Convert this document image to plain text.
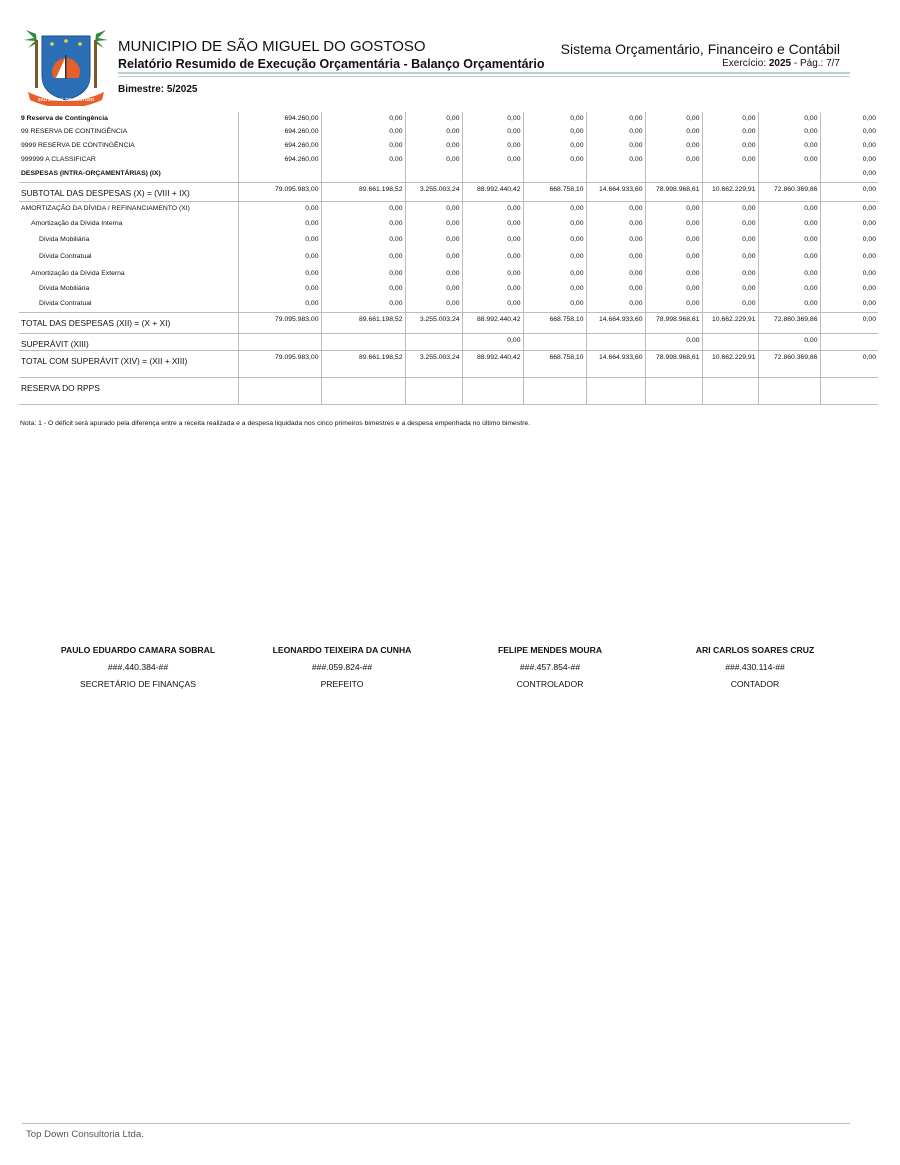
SÃO MIGUEL DO GOSTOSO
MUNICIPIO DE SÃO MIGUEL DO GOSTOSO
Relatório Resumido de Execução Orçamentária - Balanço Orçamentário
Sistema Orçamentário, Financeiro e Contábil
Exercício: 2025 - Pág.: 7/7
Bimestre: 5/2025
9 Reserva de Contingência	694.260,00	0,00	0,00	0,00	0,00	0,00	0,00	0,00	0,00	0,00
99 RESERVA DE CONTINGÊNCIA	694.260,00	0,00	0,00	0,00	0,00	0,00	0,00	0,00	0,00	0,00
9999 RESERVA DE CONTINGÊNCIA	694.260,00	0,00	0,00	0,00	0,00	0,00	0,00	0,00	0,00	0,00
999999 A CLASSIFICAR	694.260,00	0,00	0,00	0,00	0,00	0,00	0,00	0,00	0,00	0,00
DESPESAS (INTRA-ORÇAMENTÁRIAS) (IX)										0,00
SUBTOTAL DAS DESPESAS (X) = (VIII + IX)	79.095.983,00	89.661.198,52	3.255.003,24	88.992.440,42	668.758,10	14.664.933,60	78.998.968,61	10.662.229,91	72.860.369,86	0,00
AMORTIZAÇÃO DA DÍVIDA / REFINANCIAMENTO (XI)	0,00	0,00	0,00	0,00	0,00	0,00	0,00	0,00	0,00	0,00
Amortização da Dívida Interna	0,00	0,00	0,00	0,00	0,00	0,00	0,00	0,00	0,00	0,00
Dívida Mobiliária	0,00	0,00	0,00	0,00	0,00	0,00	0,00	0,00	0,00	0,00
Dívida Contratual	0,00	0,00	0,00	0,00	0,00	0,00	0,00	0,00	0,00	0,00
Amortização da Dívida Externa	0,00	0,00	0,00	0,00	0,00	0,00	0,00	0,00	0,00	0,00
Dívida Mobiliária	0,00	0,00	0,00	0,00	0,00	0,00	0,00	0,00	0,00	0,00
Dívida Contratual	0,00	0,00	0,00	0,00	0,00	0,00	0,00	0,00	0,00	0,00
TOTAL DAS DESPESAS (XII) = (X + XI)	79.095.983,00	89.661.198,52	3.255.003,24	88.992.440,42	668.758,10	14.664.933,60	78.998.968,61	10.662.229,91	72.860.369,86	0,00
SUPERÁVIT (XIII)				0,00			0,00		0,00	
TOTAL COM SUPERÁVIT (XIV) = (XII + XIII)	79.095.983,00	89.661.198,52	3.255.003,24	88.992.440,42	668.758,10	14.664.933,60	78.998.968,61	10.662.229,91	72.860.369,86	0,00
RESERVA DO RPPS										
Nota: 1 - O déficit será apurado pela diferença entre a receita realizada e a despesa liquidada nos cinco primeiros bimestres e a despesa empenhada no último bimestre.
PAULO EDUARDO CAMARA SOBRAL
###.440.384-##
SECRETÁRIO DE FINANÇAS
LEONARDO TEIXEIRA DA CUNHA
###.059.824-##
PREFEITO
FELIPE MENDES MOURA
###.457.854-##
CONTROLADOR
ARI CARLOS SOARES CRUZ
###.430.114-##
CONTADOR
Top Down Consultoria Ltda.
